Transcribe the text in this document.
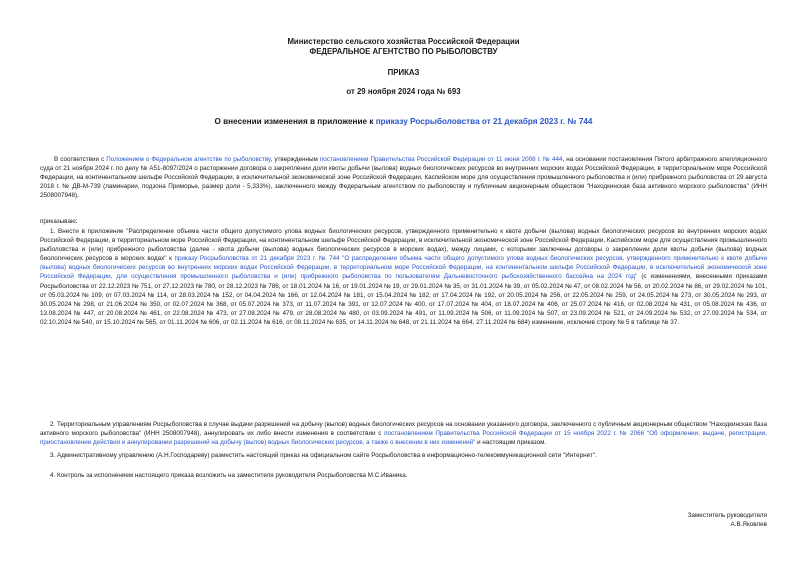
Министерство сельского хозяйства Российской Федерации
ФЕДЕРАЛЬНОЕ АГЕНТСТВО ПО РЫБОЛОВСТВУ
ПРИКАЗ
от 29 ноября 2024 года № 693
О внесении изменения в приложение к приказу Росрыболовства от 21 декабря 2023 г. № 744
В соответствии с Положением о Федеральном агентстве по рыболовству, утвержденным постановлением Правительства Российской Федерации от 11 июня 2008 г. № 444, на основании постановления Пятого арбитражного апелляционного суда от 21 ноября 2024 г. по делу № А51-8097/2024 о расторжении договора о закреплении доли квоты добычи (вылова) водных биологических ресурсов во внутренних морских водах Российской Федерации, в территориальном море Российской Федерации, на континентальном шельфе Российской Федерации, в исключительной экономической зоне Российской Федерации, Каспийском море для осуществления промышленного рыболовства и (или) прибрежного рыболовства от 29 августа 2018 г. № ДВ-М-739 (ламинарии, подзона Приморье, размер доли - 5,333%), заключенного между Федеральным агентством по рыболовству и публичным акционерным обществом "Находкинская база активного морского рыболовства" (ИНН 2508007948),
приказываю:
1. Внести в приложение "Распределение объема части общего допустимого улова водных биологических ресурсов, утвержденного применительно к квоте добычи (вылова) водных биологических ресурсов во внутренних морских водах Российской Федерации, в территориальном море Российской Федерации, на континентальном шельфе Российской Федерации, в исключительной экономической зоне Российской Федерации, Каспийском море для осуществления промышленного рыболовства и (или) прибрежного рыболовства (далее - квота добычи (вылова) водных биологических ресурсов в морских водах), между лицами, с которыми заключены договоры о закреплении доли квоты добычи (вылова) водных биологических ресурсов в морских водах" к приказу Росрыболовства от 21 декабря 2023 г. № 744 "О распределении объема части общего допустимого улова водных биологических ресурсов, утвержденного применительно к квоте добычи (вылова) водных биологических ресурсов во внутренних морских водах Российской Федерации, в территориальном море Российской Федерации, на континентальном шельфе Российской Федерации, в исключительной экономической зоне Российской Федерации, для осуществления промышленного рыболовства и (или) прибрежного рыболовства по пользователям Дальневосточного рыбохозяйственного бассейна на 2024 год" (с изменениями, внесенными приказами Росрыболовства от 22.12.2023 № 751, от 27.12.2023 № 780, от 28.12.2023 № 786, от 18.01.2024 № 16, от 19.01.2024 № 19, от 29.01.2024 № 35, от 31.01.2024 № 39, от 05.02.2024 № 47, от 08.02.2024 № 56, от 20.02.2024 № 86, от 29.02.2024 № 101, от 05.03.2024 № 109, от 07.03.2024 № 114, от 28.03.2024 № 152, от 04.04.2024 № 166, от 12.04.2024 № 181, от 15.04.2024 № 182, от 17.04.2024 № 192, от 20.05.2024 № 256, от 22.05.2024 № 259, от 24.05.2024 № 273, от 30.05.2024 № 293, от 30.05.2024 № 298, от 21.06.2024 № 350, от 02.07.2024 № 368, от 05.07.2024 № 373, от 11.07.2024 № 391, от 12.07.2024 № 400, от 17.07.2024 № 404, от 18.07.2024 № 406, от 25.07.2024 № 416, от 02.08.2024 № 431, от 05.08.2024 № 436, от 13.08.2024 № 447, от 20.08.2024 № 461, от 22.08.2024 № 473, от 27.08.2024 № 479, от 28.08.2024 № 480, от 03.09.2024 № 491, от 11.09.2024 № 506, от 11.09.2024 № 507, от 23.09.2024 № 521, от 24.09.2024 № 532, от 27.09.2024 № 534, от 02.10.2024 № 540, от 15.10.2024 № 565, от 01.11.2024 № 606, от 02.11.2024 № 616, от 08.11.2024 № 635, от 14.11.2024 № 648, от 21.11.2024 № 664, 27.11.2024 № 684) изменение, исключив строку № 5 в таблице № 37.
2. Территориальным управлениям Росрыболовства в случае выдачи разрешений на добычу (вылов) водных биологических ресурсов на основании указанного договора, заключенного с публичным акционерным обществом "Находкинская база активного морского рыболовства" (ИНН 2508007948), аннулировать их либо внести изменения в соответствии с постановлением Правительства Российской Федерации от 15 ноября 2022 г. № 2066 "Об оформлении, выдаче, регистрации, приостановлении действия и аннулировании разрешений на добычу (вылов) водных биологических ресурсов, а также о внесении в них изменений" и настоящим приказом.
3. Административному управлению (А.Н.Господареву) разместить настоящий приказ на официальном сайте Росрыболовства в информационно-телекоммуникационной сети "Интернет".
4. Контроль за исполнением настоящего приказа возложить на заместителя руководителя Росрыболовства М.С.Иваника.
Заместитель руководителя
А.В.Яковлев
